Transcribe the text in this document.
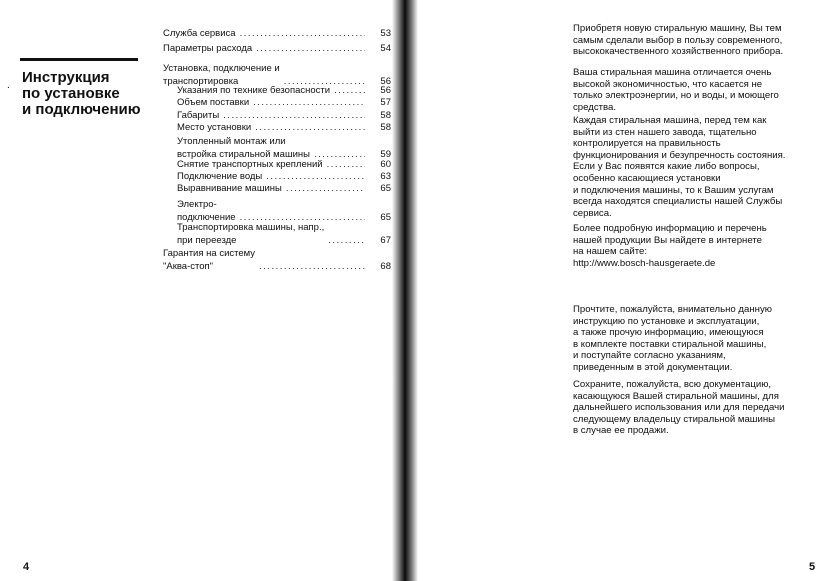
. Инструкция
по установке
и подключению
Служба сервиса .....	53
Параметры расхода .....	54
Установка, подключение и
транспортировка .....	56
Указания по технике безопасности .....	56
Объем поставки .....	57
Габариты .....	58
Место установки .....	58
Утопленный монтаж или
встройка стиральной машины .....	59
Снятие транспортных креплений .....	60
Подключение воды .....	63
Выравнивание машины .....	65
Электро-
подключение .....	65
Транспортировка машины, напр.,
при переезде .....	67
Гарантия на систему
"Аква-стоп" .....	68
4

Приобретя новую стиральную машину, Вы тем
самым сделали выбор в пользу современного,
высококачественного хозяйственного прибора.

Ваша стиральная машина отличается очень
высокой экономичностью, что касается не
только электроэнергии, но и воды, и моющего
средства.

Каждая стиральная машина, перед тем как
выйти из стен нашего завода, тщательно
контролируется на правильность
функционирования и безупречность состояния.
Если у Вас появятся какие либо вопросы,
особенно касающиеся установки
и подключения машины, то к Вашим услугам
всегда находятся специалисты нашей Службы
сервиса.

Более подробную информацию и перечень
нашей продукции Вы найдете в интернете
на нашем сайте:
http://www.bosch-hausgeraete.de

Прочтите, пожалуйста, внимательно данную
инструкцию по установке и эксплуатации,
а также прочую информацию, имеющуюся
в комплекте поставки стиральной машины,
и поступайте согласно указаниям,
приведенным в этой документации.

Сохраните, пожалуйста, всю документацию,
касающуюся Вашей стиральной машины, для
дальнейшего использования или для передачи
следующему владельцу стиральной машины
в случае ее продажи.

5
